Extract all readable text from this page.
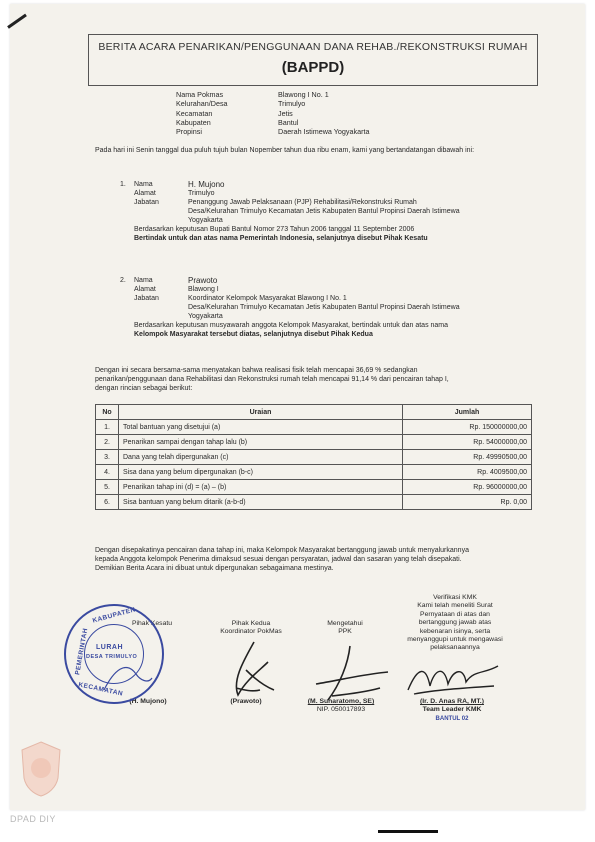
BERITA ACARA PENARIKAN/PENGGUNAAN DANA REHAB./REKONSTRUKSI RUMAH
(BAPPD)
Nama Pokmas	Blawong I No. 1
Kelurahan/Desa	Trimulyo
Kecamatan	Jetis
Kabupaten	Bantul
Propinsi	Daerah Istimewa Yogyakarta
Pada hari ini Senin tanggal dua puluh tujuh bulan Nopember tahun dua ribu enam, kami yang bertandatangan dibawah ini:
1.	Nama	H. Mujono
Alamat	Trimulyo
Jabatan	Penanggung Jawab Pelaksanaan (PJP) Rehabilitasi/Rekonstruksi Rumah
Desa/Kelurahan Trimulyo Kecamatan Jetis Kabupaten Bantul Propinsi Daerah Istimewa
Yogyakarta
Berdasarkan keputusan Bupati Bantul Nomor 273 Tahun 2006 tanggal 11 September 2006
Bertindak untuk dan atas nama Pemerintah Indonesia, selanjutnya disebut Pihak Kesatu
2.	Nama	Prawoto
Alamat	Blawong I
Jabatan	Koordinator Kelompok Masyarakat Blawong I No. 1
Desa/Kelurahan Trimulyo Kecamatan Jetis Kabupaten Bantul Propinsi Daerah Istimewa
Yogyakarta
Berdasarkan keputusan musyawarah anggota Kelompok Masyarakat, bertindak untuk dan atas nama
Kelompok Masyarakat tersebut diatas, selanjutnya disebut Pihak Kedua
Dengan ini secara bersama-sama menyatakan bahwa realisasi fisik telah mencapai 36,69 % sedangkan
penarikan/penggunaan dana Rehabilitasi dan Rekonstruksi rumah telah mencapai 91,14 % dari pencairan tahap I,
dengan rincian sebagai berikut:
No	Uraian	Jumlah
1.	Total bantuan yang disetujui (a)	Rp. 150000000,00
2.	Penarikan sampai dengan tahap lalu (b)	Rp. 54000000,00
3.	Dana yang telah dipergunakan (c)	Rp. 49990500,00
4.	Sisa dana yang belum dipergunakan (b-c)	Rp. 4009500,00
5.	Penarikan tahap ini (d) = (a) – (b)	Rp. 96000000,00
6.	Sisa bantuan yang belum ditarik (a-b-d)	Rp. 0,00
Dengan disepakatinya pencairan dana tahap ini, maka Kelompok Masyarakat bertanggung jawab untuk menyalurkannya
kepada Anggota kelompok Penerima dimaksud sesuai dengan persyaratan, jadwal dan sasaran yang telah disepakati.
Demikian Berita Acara ini dibuat untuk dipergunakan sebagaimana mestinya.
Pihak Kesatu
(H. Mujono)
Pihak Kedua
Koordinator PokMas
(Prawoto)
Mengetahui
PPK
(M. Suharatomo, SE)
NIP. 050017893
Verifikasi KMK
Kami telah meneliti Surat
Pernyataan di atas dan
bertanggung jawab atas
kebenaran isinya, serta
menyanggupi untuk mengawasi
pelaksanaannya
(Ir. D. Anas RA, MT.)
Team Leader KMK
BANTUL 02
KABUPATEN
PEMERINTAH LURAH
DESA TRIMULYO
KECAMATAN
DPAD DIY
